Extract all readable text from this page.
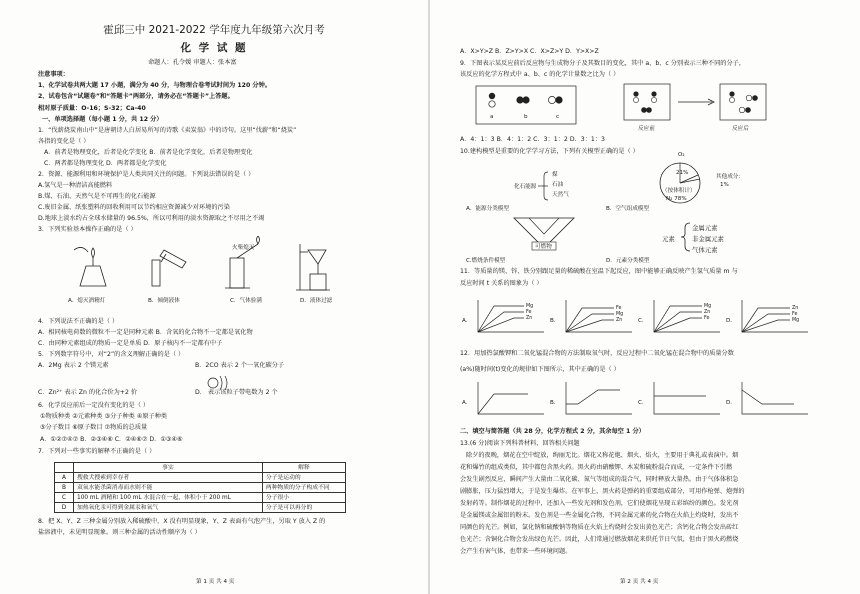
霍邱三中 2021-2022 学年度九年级第六次月考
化 学 试 题
命题人：孔令媛 审题人：张本富
注意事项：
1、化学试卷共两大题 17 小题，满分为 40 分，与物理合卷考试时间为 120 分钟。
2、试卷包含“试题卷”和“答题卡”两部分，请务必在“答题卡”上答题。
相对原子质量：O-16；S-32；Ca-40
一、单项选择题（每小题 1 分，共 12 分）
1．“伐薪烧炭南山中”是唐朝诗人白居易所写的诗歌《卖炭翁》中的诗句。这里“伐薪”和“烧炭”
各指的变化是（ ）
A．前者是物理变化，后者是化学变化 B．前者是化学变化，后者是物理变化
C．两者都是物理变化 D．两者都是化学变化
2．资源、能源利用和环境保护是人类共同关注的问题。下列说法错误的是（ ）
A.氢气是一种清洁高能燃料
B.煤、石油、天然气是不可再生的化石能源
C.废旧金属、纸张塑料的回收利用可以节约相应资源减少对环境的污染
D.地球上淡水约占全球水储量的 96.5%，所以可利用的淡水资源取之不尽用之不竭
3．下列实验基本操作正确的是（ ）
火柴熄灭
A．熄灭酒精灯	B．倾倒液体	C．气体验满	D．液体过滤
4．下列说法不正确的是（ ）
A．相同核电荷数的微粒不一定是同种元素 B．含氧的化合物不一定都是氧化物
C．由同种元素组成的物质一定是单质 D．原子核内不一定都有中子
5．下列数字符号中，对“2”的含义理解正确的是（ ）
A．2Mg 表示 2 个镁元素	B．2CO 表示 2 个一氧化碳分子
C．Zn²⁺ 表示 Zn 的化合价为+2 价	D． 表示该粒子带电数为 2 个
6．化学反应前后一定没有变化的是（ ）
①物质种类 ②元素种类 ③分子种类 ④原子种类
⑤分子数目 ⑥原子数目 ⑦物质的总质量
A．①②⑦④⑦ B．②③④⑥ C．②④⑥⑦ D．①③④⑥
7．下列对一些事实的解释不正确的是（ ）
	事实	解释
A	搜救犬搜索到幸存者	分子是运动的
B	双氧水能杀菌消毒而水则不能	两种物质的分子构成不同
C	100 mL 酒精和 100 mL 水混合在一起，体积小于 200 mL	分子很小
D	加热氧化汞可得到金属汞和氧气	分子是可以再分的
8．把 X、Y、Z 三种金属分别放入稀硫酸中，X 没有明显现象，Y、Z 表面有气泡产生，另取 Y 放入 Z 的
盐溶液中，未见明显现象。则三种金属的活动性顺序为（ ）
第 1 页 共 4 页
A．X>Y>Z B．Z>Y>X C．X>Z>Y D．Y>X>Z
9．下图表示某反应前后反应物与生成物分子及其数目的变化，其中 a、b、c 分别表示三种不同的分子，
该反应的化学方程式中 a、b、c 的化学计量数之比为（ ）
a	b	c
反应前	反应后
A．4：1：3 B．4：1：2 C．3：1：2 D．3：1：3
10.建构模型是重要的化学学习方法，下列有关模型正确的是（ ）
化石能源
煤
石油
天然气
A．能源分类模型
O₂
21%
其他成分：
1%
（按体积计）
N₂ 78%
B．空气组成模型
可燃物
C.燃烧条件模型
元素
金属元素
非金属元素
气体元素
D．元素分类模型
11．等质量的镁、锌、铁分别跟足量的稀硫酸在室温下起反应，图中能够正确反映产生氢气质量 m 与
反应时间 t 关系的图象为（ ）
A．	B．	C．	D．
Mg
Fe
Zn
Fe
Mg
Zn
Mg
Zn
Fe
Zn
Fe
Mg
12．用加热氯酸钾和二氧化锰混合物的方法制取氧气时，反应过程中二氧化锰在混合物中的质量分数
(a%)随时间(t)变化的规律如下图所示，其中正确的是（ ）
A．	B．	C．	D．
二、填空与简答题（共 28 分，化学方程式 2 分，其余每空 1 分）
13.(6 分)阅读下列科普材料，回答相关问题
除夕的夜晚，烟花在空中绽放，绚丽无比。烟花又称花炮、烟火、焰火，主要用于典礼或表演中。烟
花和爆竹的组成类似，其中都包含黑火药。黑火药由硝酸钾、木炭和硫粉混合而成，一定条件下引燃
会发生剧烈反应，瞬间产生大量由二氧化碳、氮气等组成的混合气，同时释放大量热。由于气体体积急
剧膨胀，压力猛烈增大，于是发生爆炸。在军事上，黑火药是弹药的重要组成部分，可用作枪弹、炮弹的
发射药等。制作烟花的过程中，还加入一些发光剂和发色剂，它们使烟花呈现五彩缤纷的颜色。发光剂
是金属镁或金属铝的粉末。发色剂是一些金属化合物，不同金属元素的化合物在火焰上灼烧时，发出不
同颜色的光芒。例如，氯化钠和硫酸钠等物质在火焰上灼烧时会发出黄色光芒；含钙化合物会发出砖红
色光芒；含铜化合物会发出绿色光芒。因此，人们常通过燃放烟花来烘托节日气氛，但由于黑火药燃烧
会产生有害气体，也带来一些环境问题。
第 2 页 共 4 页
